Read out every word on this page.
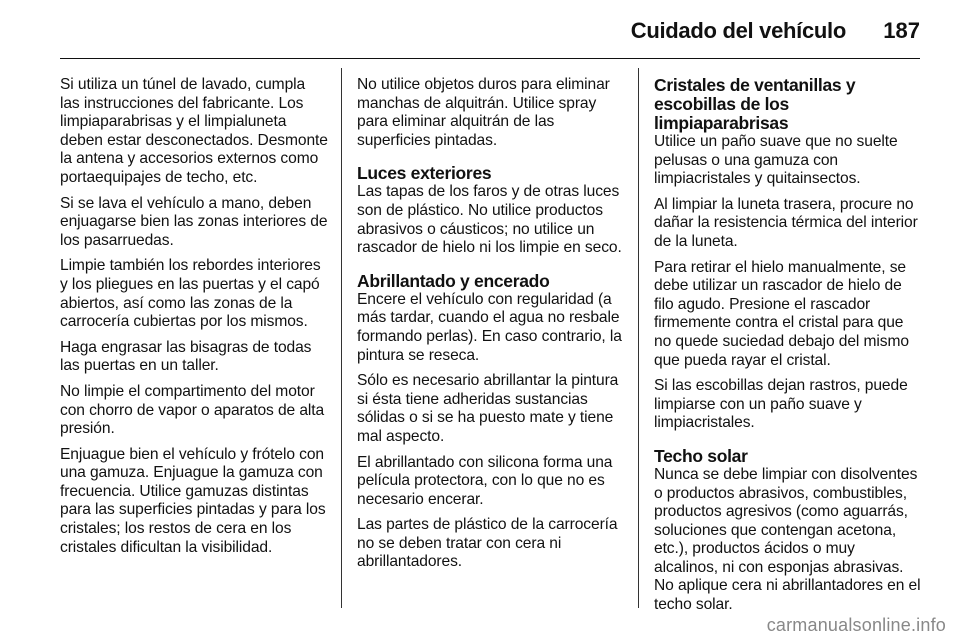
Cuidado del vehículo 187

Si utiliza un túnel de lavado, cumpla las instrucciones del fabricante. Los limpiaparabrisas y el limpialuneta deben estar desconectados. Desmonte la antena y accesorios externos como portaequipajes de techo, etc.

Si se lava el vehículo a mano, deben enjuagarse bien las zonas interiores de los pasarruedas.

Limpie también los rebordes interiores y los pliegues en las puertas y el capó abiertos, así como las zonas de la carrocería cubiertas por los mismos.

Haga engrasar las bisagras de todas las puertas en un taller.

No limpie el compartimento del motor con chorro de vapor o aparatos de alta presión.

Enjuague bien el vehículo y frótelo con una gamuza. Enjuague la gamuza con frecuencia. Utilice gamuzas distintas para las superficies pintadas y para los cristales; los restos de cera en los cristales dificultan la visibilidad.

No utilice objetos duros para eliminar manchas de alquitrán. Utilice spray para eliminar alquitrán de las superficies pintadas.

Luces exteriores

Las tapas de los faros y de otras luces son de plástico. No utilice productos abrasivos o cáusticos; no utilice un rascador de hielo ni los limpie en seco.

Abrillantado y encerado

Encere el vehículo con regularidad (a más tardar, cuando el agua no resbale formando perlas). En caso contrario, la pintura se reseca.

Sólo es necesario abrillantar la pintura si ésta tiene adheridas sustancias sólidas o si se ha puesto mate y tiene mal aspecto.

El abrillantado con silicona forma una película protectora, con lo que no es necesario encerar.

Las partes de plástico de la carrocería no se deben tratar con cera ni abrillantadores.

Cristales de ventanillas y escobillas de los limpiaparabrisas

Utilice un paño suave que no suelte pelusas o una gamuza con limpiacristales y quitainsectos.

Al limpiar la luneta trasera, procure no dañar la resistencia térmica del interior de la luneta.

Para retirar el hielo manualmente, se debe utilizar un rascador de hielo de filo agudo. Presione el rascador firmemente contra el cristal para que no quede suciedad debajo del mismo que pueda rayar el cristal.

Si las escobillas dejan rastros, puede limpiarse con un paño suave y limpiacristales.

Techo solar

Nunca se debe limpiar con disolventes o productos abrasivos, combustibles, productos agresivos (como aguarrás, soluciones que contengan acetona, etc.), productos ácidos o muy alcalinos, ni con esponjas abrasivas. No aplique cera ni abrillantadores en el techo solar.

carmanualsonline.info
